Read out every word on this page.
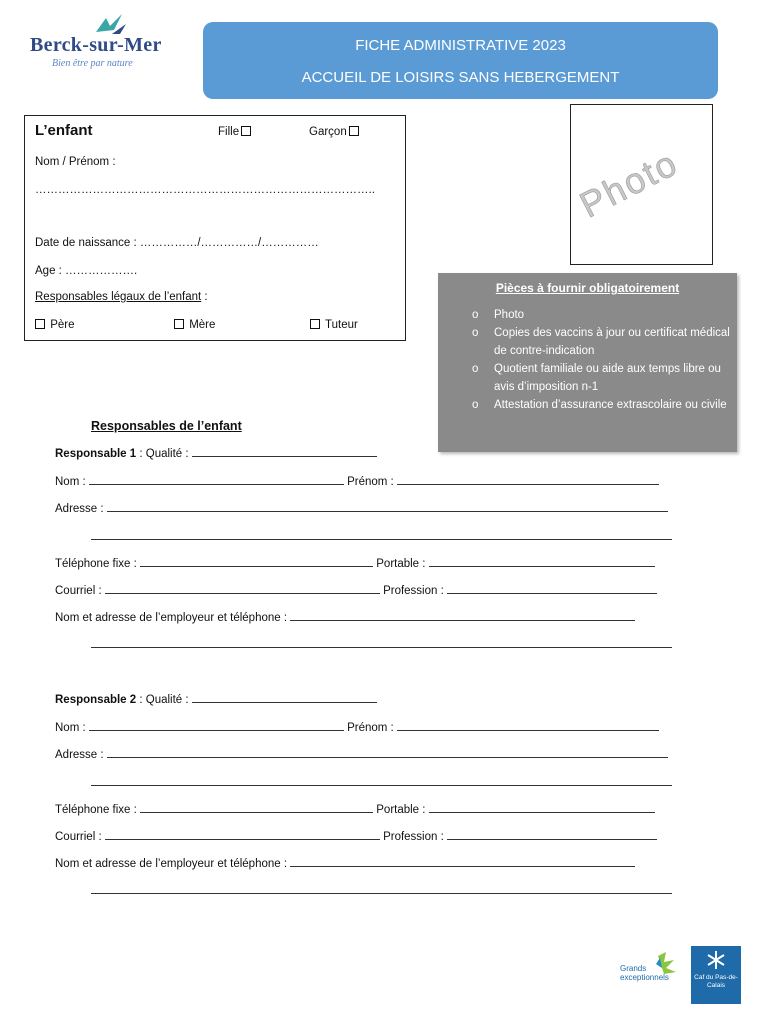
Berck-sur-Mer
Bien être par nature
FICHE ADMINISTRATIVE 2023
ACCUEIL DE LOISIRS SANS HEBERGEMENT
L’enfant	Fille	Garçon
Nom / Prénom :
……………………………………………………………………………..
Date de naissance : ……………/……………/……………
Age : ……………….
Responsables légaux de l’enfant :
Père	Mère	Tuteur
Photo
Pièces à fournir obligatoirement
o Photo
o Copies des vaccins à jour ou certificat médical de contre-indication
o Quotient familiale ou aide aux temps libre ou avis d’imposition n-1
o Attestation d’assurance extrascolaire ou civile
Responsables de l’enfant
Responsable 1 : Qualité :
Nom :	Prénom :
Adresse :
Téléphone fixe :	Portable :
Courriel :	Profession :
Nom et adresse de l’employeur et téléphone :
Responsable 2 : Qualité :
Nom :	Prénom :
Adresse :
Téléphone fixe :	Portable :
Courriel :	Profession :
Nom et adresse de l’employeur et téléphone :
Grands exceptionnels	Caf du Pas-de-Calais
